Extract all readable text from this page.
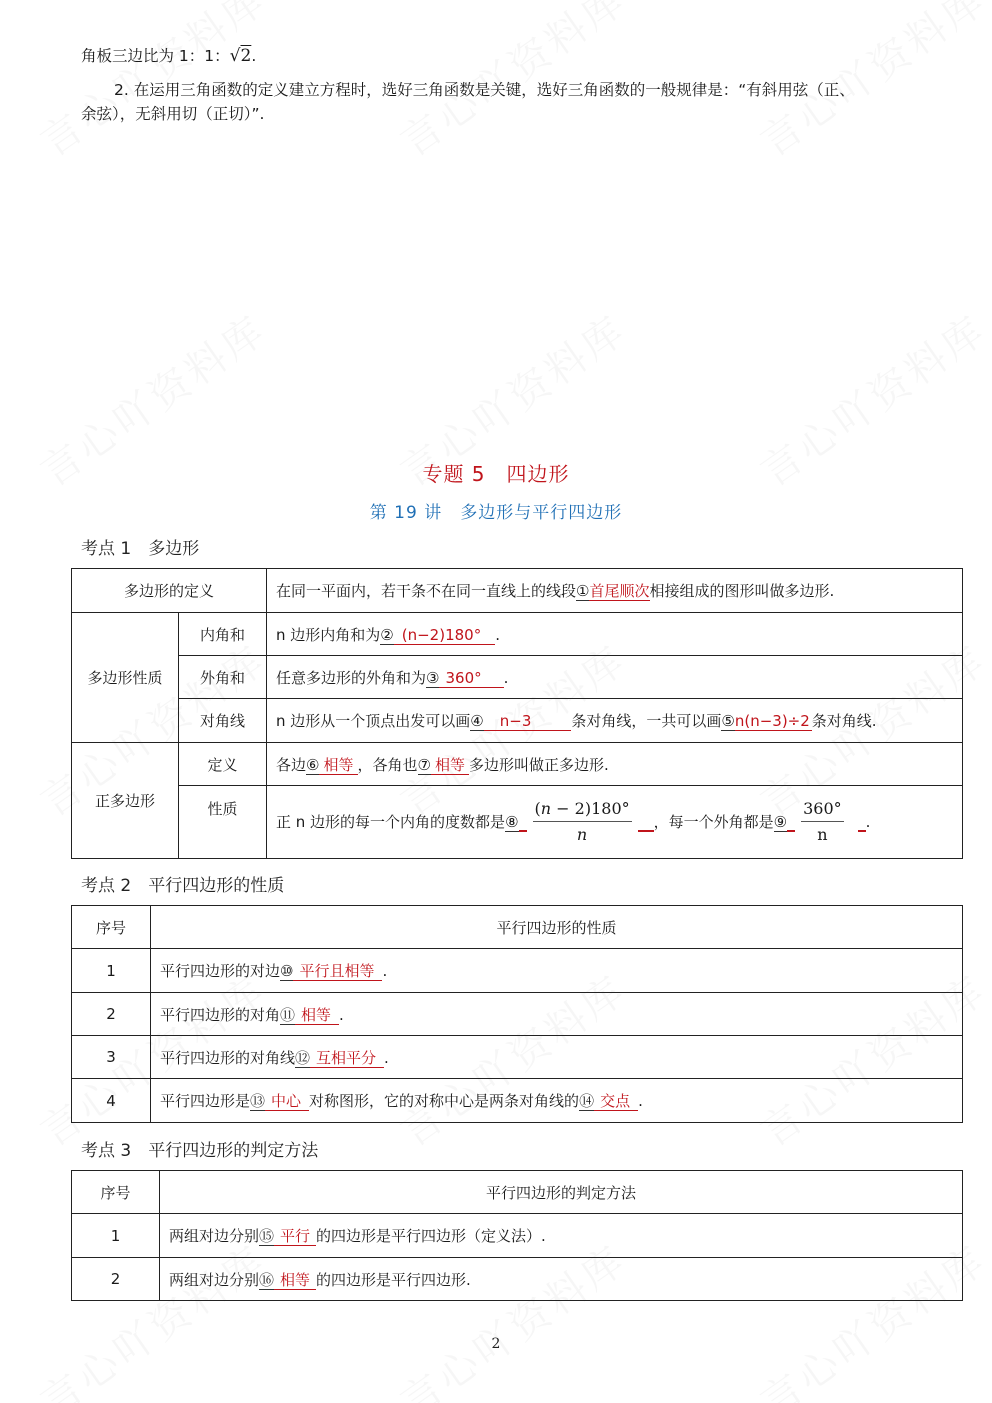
角板三边比为 1：1：√2.
2. 在运用三角函数的定义建立方程时，选好三角函数是关键，选好三角函数的一般规律是：“有斜用弦（正、
余弦），无斜用切（正切）”.
专题 5　四边形
第 19 讲　多边形与平行四边形
考点 1　多边形
多边形的定义		在同一平面内，若干条不在同一直线上的线段①首尾顺次相接组成的图形叫做多边形.
多边形性质	内角和	n 边形内角和为② (n−2)180° .
	外角和	任意多边形的外角和为③ 360° .
	对角线	n 边形从一个顶点出发可以画④ n−3 条对角线，一共可以画⑤n(n−3)÷2 条对角线.
正多边形	定义	各边⑥ 相等 ，各角也⑦ 相等 多边形叫做正多边形.
性质	正 n 边形的每一个内角的度数都是⑧ $\frac{(n - 2)180^\circ}{n}$ ，每一个外角都是⑨ $\frac{360^\circ}{n}$ .
考点 2　平行四边形的性质
序号	平行四边形的性质
1	平行四边形的对边⑩ 平行且相等 .
2	平行四边形的对角⑪ 相等 .
3	平行四边形的对角线⑫ 互相平分 .
4	平行四边形是⑬ 中心 对称图形，它的对称中心是两条对角线的⑭ 交点 .
考点 3　平行四边形的判定方法
序号	平行四边形的判定方法
1	两组对边分别⑮ 平行 的四边形是平行四边形（定义法）.
2	两组对边分别⑯ 相等 的四边形是平行四边形.
2
